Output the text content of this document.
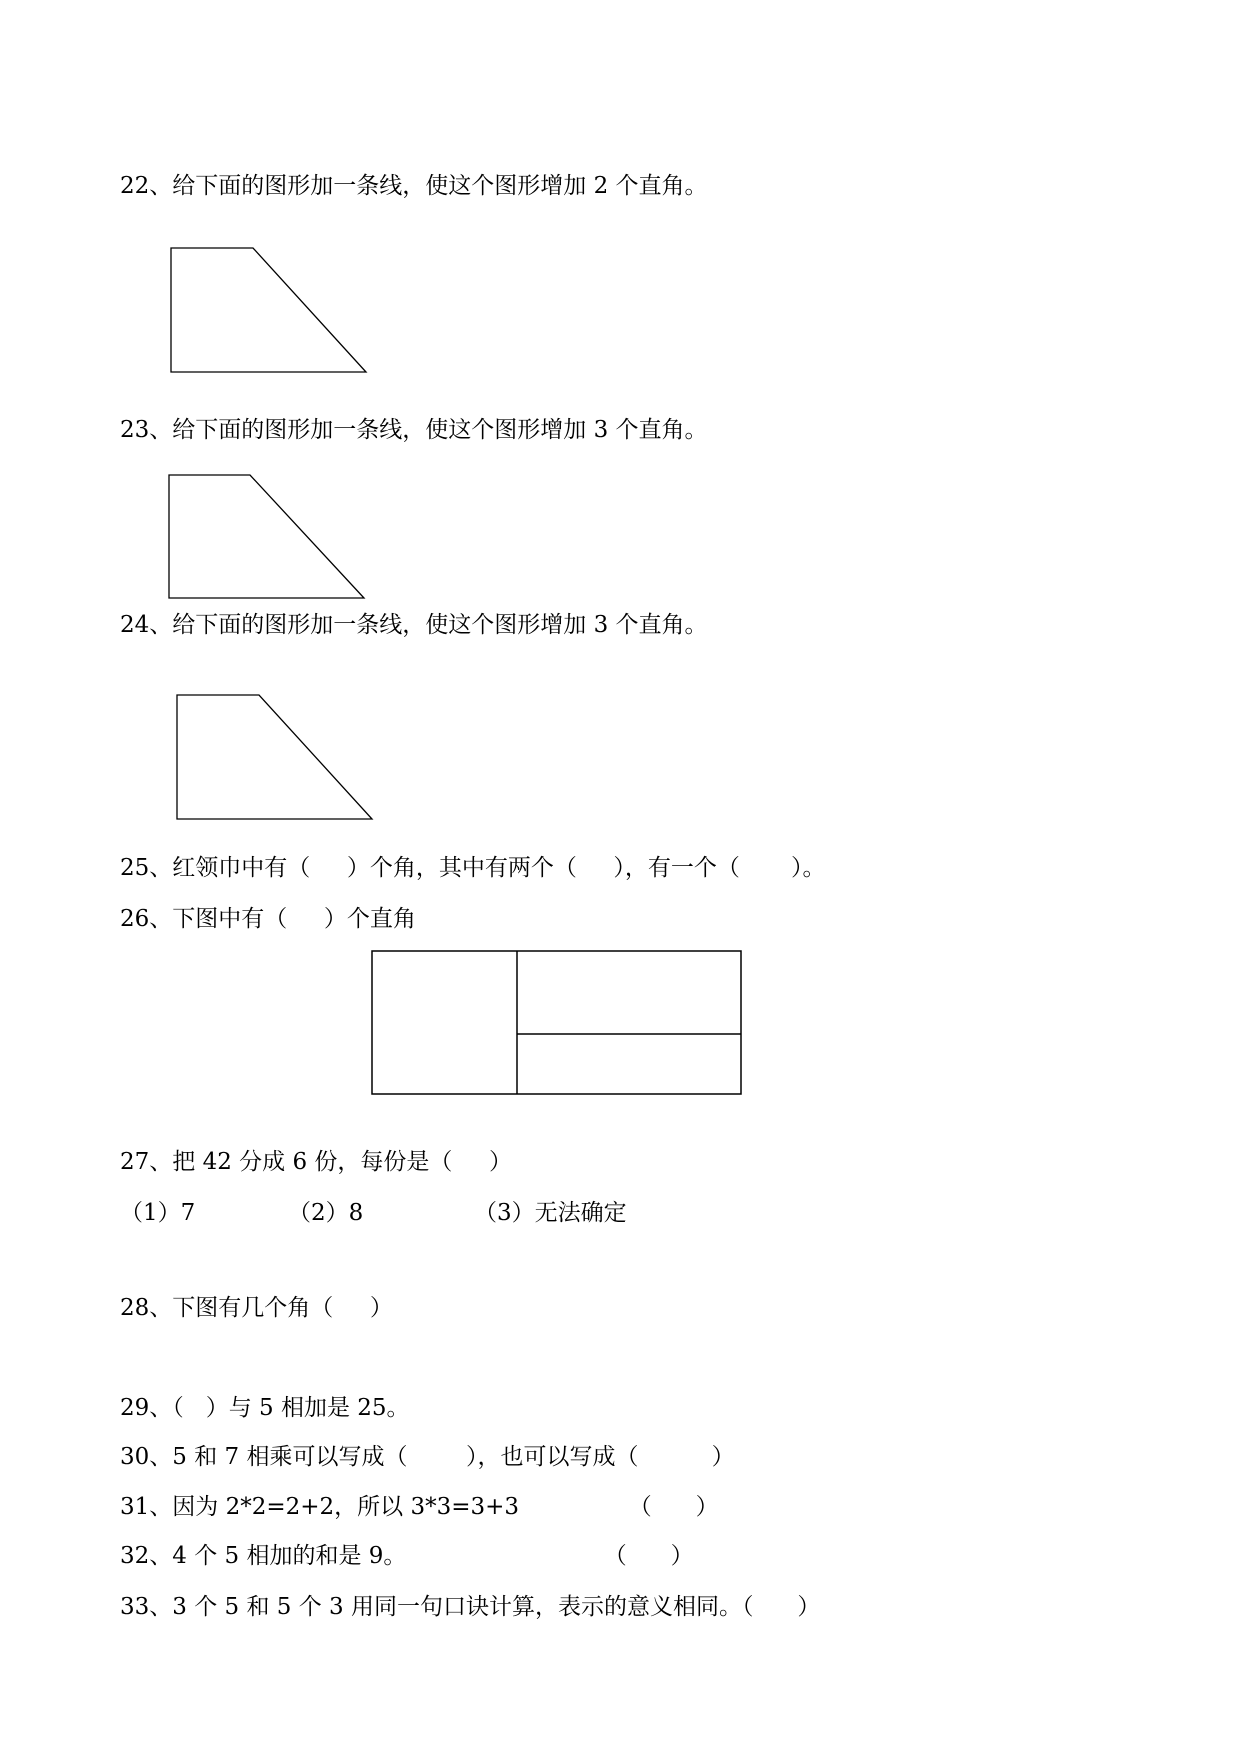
22、给下面的图形加一条线，使这个图形增加 2 个直角。
23、给下面的图形加一条线，使这个图形增加 3 个直角。
24、给下面的图形加一条线，使这个图形增加 3 个直角。
25、红领巾中有（     ）个角，其中有两个（     ），有一个（       ）。
26、下图中有（     ）个直角
27、把 42 分成 6 份，每份是（     ）
（1）7	（2）8	（3）无法确定
28、下图有几个角（     ）
29、（   ）与 5 相加是 25。
30、5 和 7 相乘可以写成（        ），也可以写成（          ）
31、因为 2*2=2+2，所以 3*3=3+3               （      ）
32、4 个 5 相加的和是 9。                           （      ）
33、3 个 5 和 5 个 3 用同一句口诀计算，表示的意义相同。（      ）
